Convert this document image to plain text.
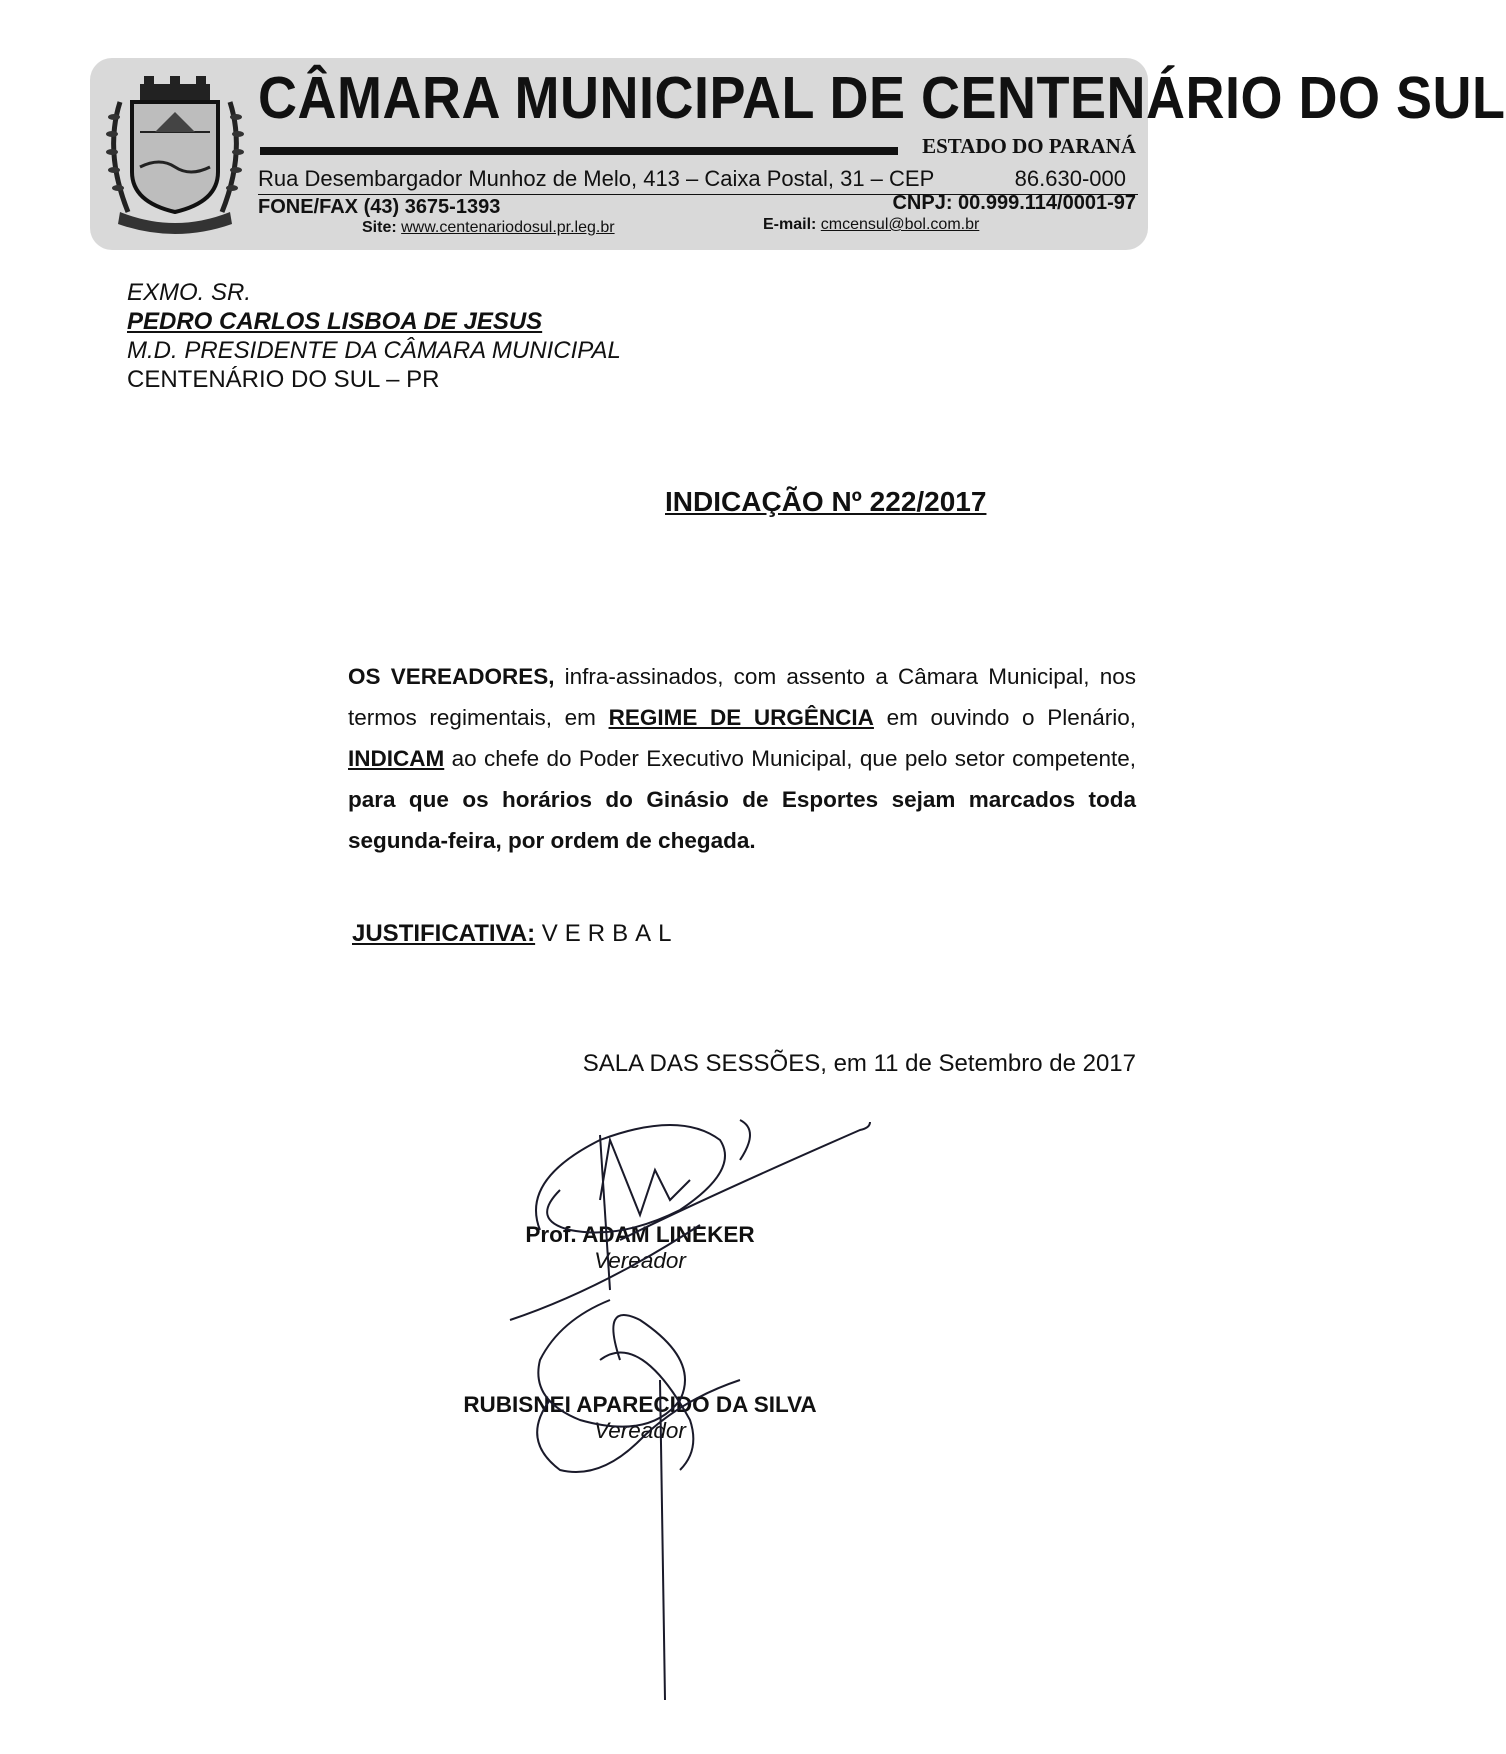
CÂMARA MUNICIPAL DE CENTENÁRIO DO SUL
ESTADO DO PARANÁ
Rua Desembargador Munhoz de Melo, 413 – Caixa Postal, 31 – CEP	86.630-000
FONE/FAX (43) 3675-1393	CNPJ: 00.999.114/0001-97
Site: www.centenariodosul.pr.leg.br	E-mail: cmcensul@bol.com.br
EXMO. SR.
PEDRO CARLOS LISBOA DE JESUS
M.D. PRESIDENTE DA CÂMARA MUNICIPAL
CENTENÁRIO DO SUL – PR
INDICAÇÃO Nº 222/2017

OS VEREADORES, infra-assinados, com assento a Câmara Municipal, nos termos regimentais, em REGIME DE URGÊNCIA em ouvindo o Plenário, INDICAM ao chefe do Poder Executivo Municipal, que pelo setor competente, para que os horários do Ginásio de Esportes sejam marcados toda segunda-feira, por ordem de chegada.

JUSTIFICATIVA: VERBAL
SALA DAS SESSÕES, em 11 de Setembro de 2017
Prof. ADAM LINEKER
Vereador
RUBISNEI APARECIDO DA SILVA
Vereador
